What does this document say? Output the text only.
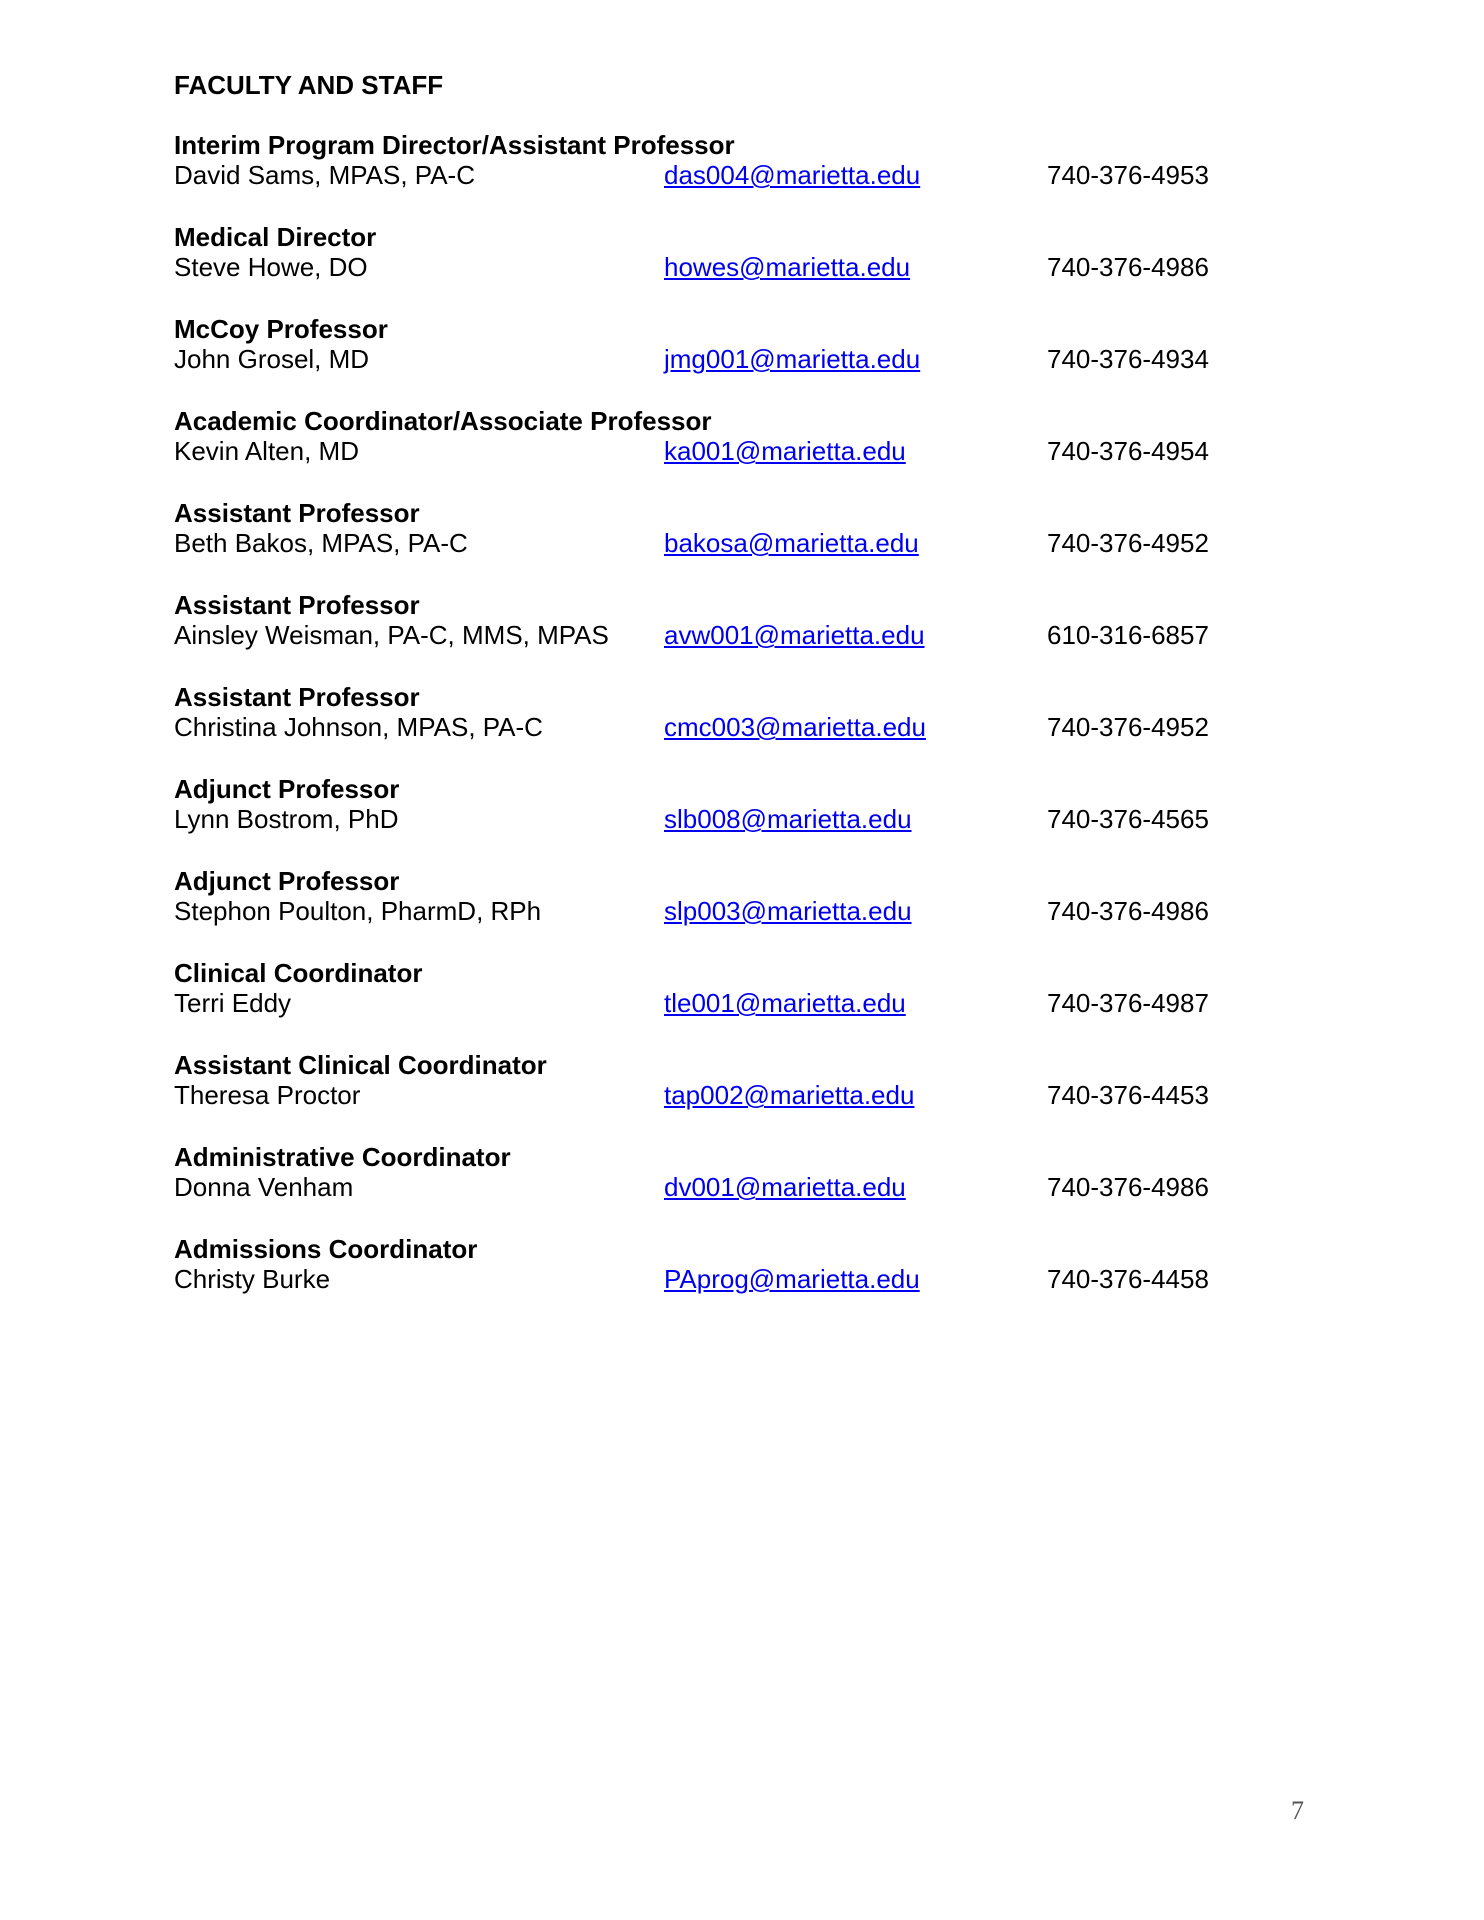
FACULTY AND STAFF
Interim Program Director/Assistant Professor
David Sams, MPAS, PA-C	das004@marietta.edu	740-376-4953
Medical Director
Steve Howe, DO	howes@marietta.edu	740-376-4986
McCoy Professor
John Grosel, MD	jmg001@marietta.edu	740-376-4934
Academic Coordinator/Associate Professor
Kevin Alten, MD	ka001@marietta.edu	740-376-4954
Assistant Professor
Beth Bakos, MPAS, PA-C	bakosa@marietta.edu	740-376-4952
Assistant Professor
Ainsley Weisman, PA-C, MMS, MPAS avw001@marietta.edu	610-316-6857
Assistant Professor
Christina Johnson, MPAS, PA-C	cmc003@marietta.edu	740-376-4952
Adjunct Professor
Lynn Bostrom, PhD	slb008@marietta.edu	740-376-4565
Adjunct Professor
Stephon Poulton, PharmD, RPh	slp003@marietta.edu	740-376-4986
Clinical Coordinator
Terri Eddy	tle001@marietta.edu	740-376-4987
Assistant Clinical Coordinator
Theresa Proctor	tap002@marietta.edu	740-376-4453
Administrative Coordinator
Donna Venham	dv001@marietta.edu	740-376-4986
Admissions Coordinator
Christy Burke	PAprog@marietta.edu	740-376-4458
7
